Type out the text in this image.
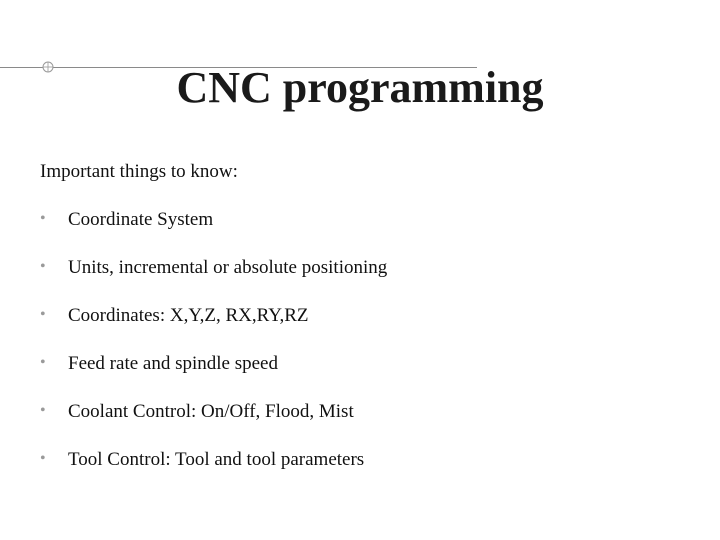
CNC programming
Important things to know:
•	Coordinate System
•	Units, incremental or absolute positioning
•	Coordinates: X,Y,Z, RX,RY,RZ
•	Feed rate and spindle speed
•	Coolant Control: On/Off, Flood, Mist
•	Tool Control: Tool and tool parameters
